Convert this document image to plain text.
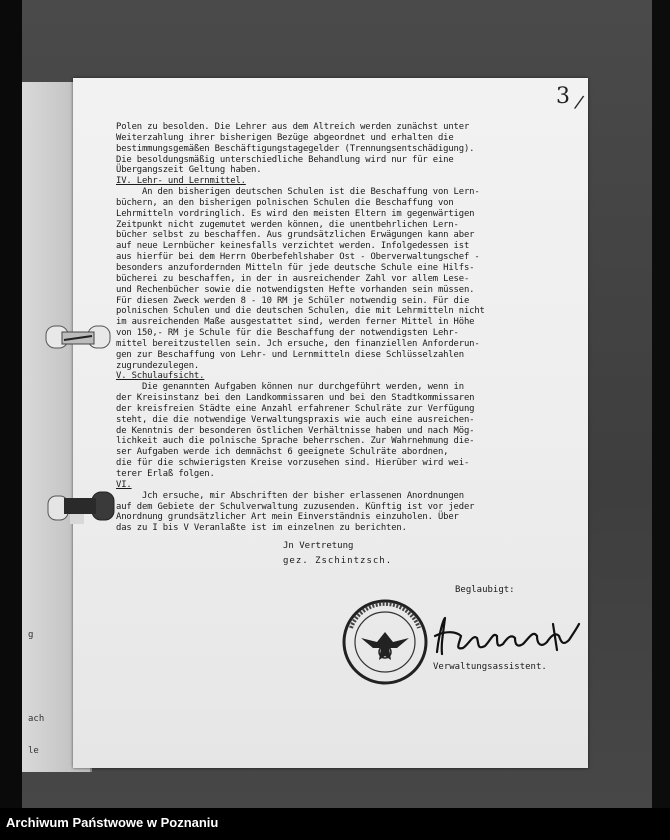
g
ach
le
3 /
Polen zu besolden. Die Lehrer aus dem Altreich werden zunächst unter
Weiterzahlung ihrer bisherigen Bezüge abgeordnet und erhalten die
bestimmungsgemäßen Beschäftigungstagegelder (Trennungsentschädigung).
Die besoldungsmäßig unterschiedliche Behandlung wird nur für eine
Übergangszeit Geltung haben.
IV. Lehr- und Lernmittel.
An den bisherigen deutschen Schulen ist die Beschaffung von Lern-
büchern, an den bisherigen polnischen Schulen die Beschaffung von
Lehrmitteln vordringlich. Es wird den meisten Eltern im gegenwärtigen
Zeitpunkt nicht zugemutet werden können, die unentbehrlichen Lern-
bücher selbst zu beschaffen. Aus grundsätzlichen Erwägungen kann aber
auf neue Lernbücher keinesfalls verzichtet werden. Infolgedessen ist
aus hierfür bei dem Herrn Oberbefehlshaber Ost - Oberverwaltungschef -
besonders anzufordernden Mitteln für jede deutsche Schule eine Hilfs-
bücherei zu beschaffen, in der in ausreichender Zahl vor allem Lese-
und Rechenbücher sowie die notwendigsten Hefte vorhanden sein müssen.
Für diesen Zweck werden 8 - 10 RM je Schüler notwendig sein. Für die
polnischen Schulen und die deutschen Schulen, die mit Lehrmitteln nicht
im ausreichenden Maße ausgestattet sind, werden ferner Mittel in Höhe
von 150,- RM je Schule für die Beschaffung der notwendigsten Lehr-
mittel bereitzustellen sein. Jch ersuche, den finanziellen Anforderun-
gen zur Beschaffung von Lehr- und Lernmitteln diese Schlüsselzahlen
zugrundezulegen.
V. Schulaufsicht.
Die genannten Aufgaben können nur durchgeführt werden, wenn in
der Kreisinstanz bei den Landkommissaren und bei den Stadtkommissaren
der kreisfreien Städte eine Anzahl erfahrener Schulräte zur Verfügung
steht, die die notwendige Verwaltungspraxis wie auch eine ausreichen-
de Kenntnis der besonderen östlichen Verhältnisse haben und nach Mög-
lichkeit auch die polnische Sprache beherrschen. Zur Wahrnehmung die-
ser Aufgaben werde ich demnächst 6 geeignete Schulräte abordnen,
die für die schwierigsten Kreise vorzusehen sind. Hierüber wird wei-
terer Erlaß folgen.
VI.
Jch ersuche, mir Abschriften der bisher erlassenen Anordnungen
auf dem Gebiete der Schulverwaltung zuzusenden. Künftig ist vor jeder
Anordnung grundsätzlicher Art mein Einverständnis einzuholen. Über
das zu I bis V Veranlaßte ist im einzelnen zu berichten.
Jn Vertretung
gez. Zschintzsch.
Beglaubigt:
Verwaltungsassistent.
Archiwum Państwowe w Poznaniu
